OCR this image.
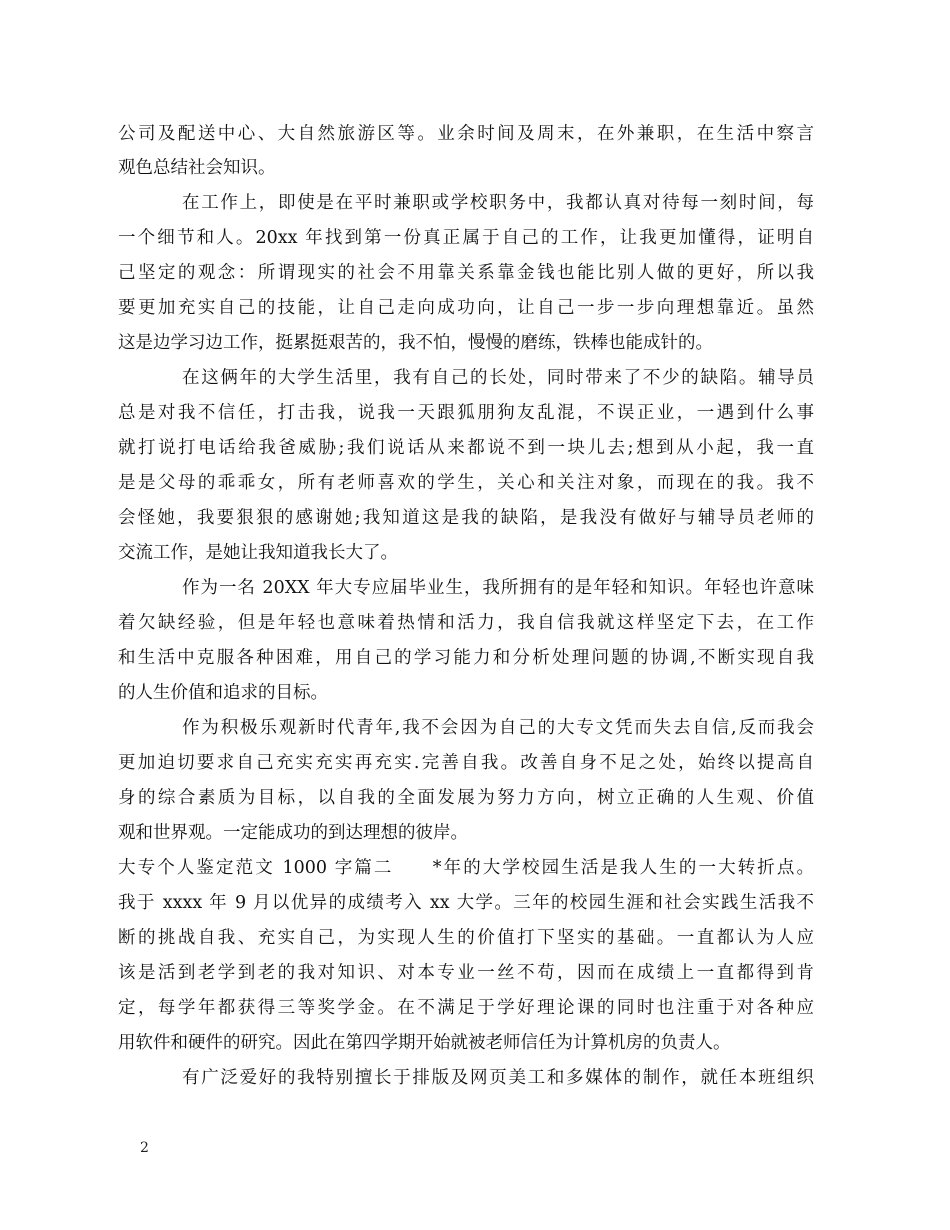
公司及配送中心、大自然旅游区等。业余时间及周末，在外兼职，在生活中察言
观色总结社会知识。
在工作上，即使是在平时兼职或学校职务中，我都认真对待每一刻时间，每
一个细节和人。20xx 年找到第一份真正属于自己的工作，让我更加懂得，证明自
己坚定的观念：所谓现实的社会不用靠关系靠金钱也能比别人做的更好，所以我
要更加充实自己的技能，让自己走向成功向，让自己一步一步向理想靠近。虽然
这是边学习边工作，挺累挺艰苦的，我不怕，慢慢的磨练，铁棒也能成针的。
在这俩年的大学生活里，我有自己的长处，同时带来了不少的缺陷。辅导员
总是对我不信任，打击我，说我一天跟狐朋狗友乱混，不误正业，一遇到什么事
就打说打电话给我爸威胁;我们说话从来都说不到一块儿去;想到从小起，我一直
是是父母的乖乖女，所有老师喜欢的学生，关心和关注对象，而现在的我。我不
会怪她，我要狠狠的感谢她;我知道这是我的缺陷，是我没有做好与辅导员老师的
交流工作，是她让我知道我长大了。
作为一名 20XX 年大专应届毕业生，我所拥有的是年轻和知识。年轻也许意味
着欠缺经验，但是年轻也意味着热情和活力，我自信我就这样坚定下去，在工作
和生活中克服各种困难，用自己的学习能力和分析处理问题的协调,不断实现自我
的人生价值和追求的目标。
作为积极乐观新时代青年,我不会因为自己的大专文凭而失去自信,反而我会
更加迫切要求自己充实充实再充实.完善自我。改善自身不足之处，始终以提高自
身的综合素质为目标，以自我的全面发展为努力方向，树立正确的人生观、价值
观和世界观。一定能成功的到达理想的彼岸。
大专个人鉴定范文 1000 字篇二　　*年的大学校园生活是我人生的一大转折点。
我于 xxxx 年 9 月以优异的成绩考入 xx 大学。三年的校园生涯和社会实践生活我不
断的挑战自我、充实自己，为实现人生的价值打下坚实的基础。一直都认为人应
该是活到老学到老的我对知识、对本专业一丝不苟，因而在成绩上一直都得到肯
定，每学年都获得三等奖学金。在不满足于学好理论课的同时也注重于对各种应
用软件和硬件的研究。因此在第四学期开始就被老师信任为计算机房的负责人。
有广泛爱好的我特别擅长于排版及网页美工和多媒体的制作，就任本班组织
2
